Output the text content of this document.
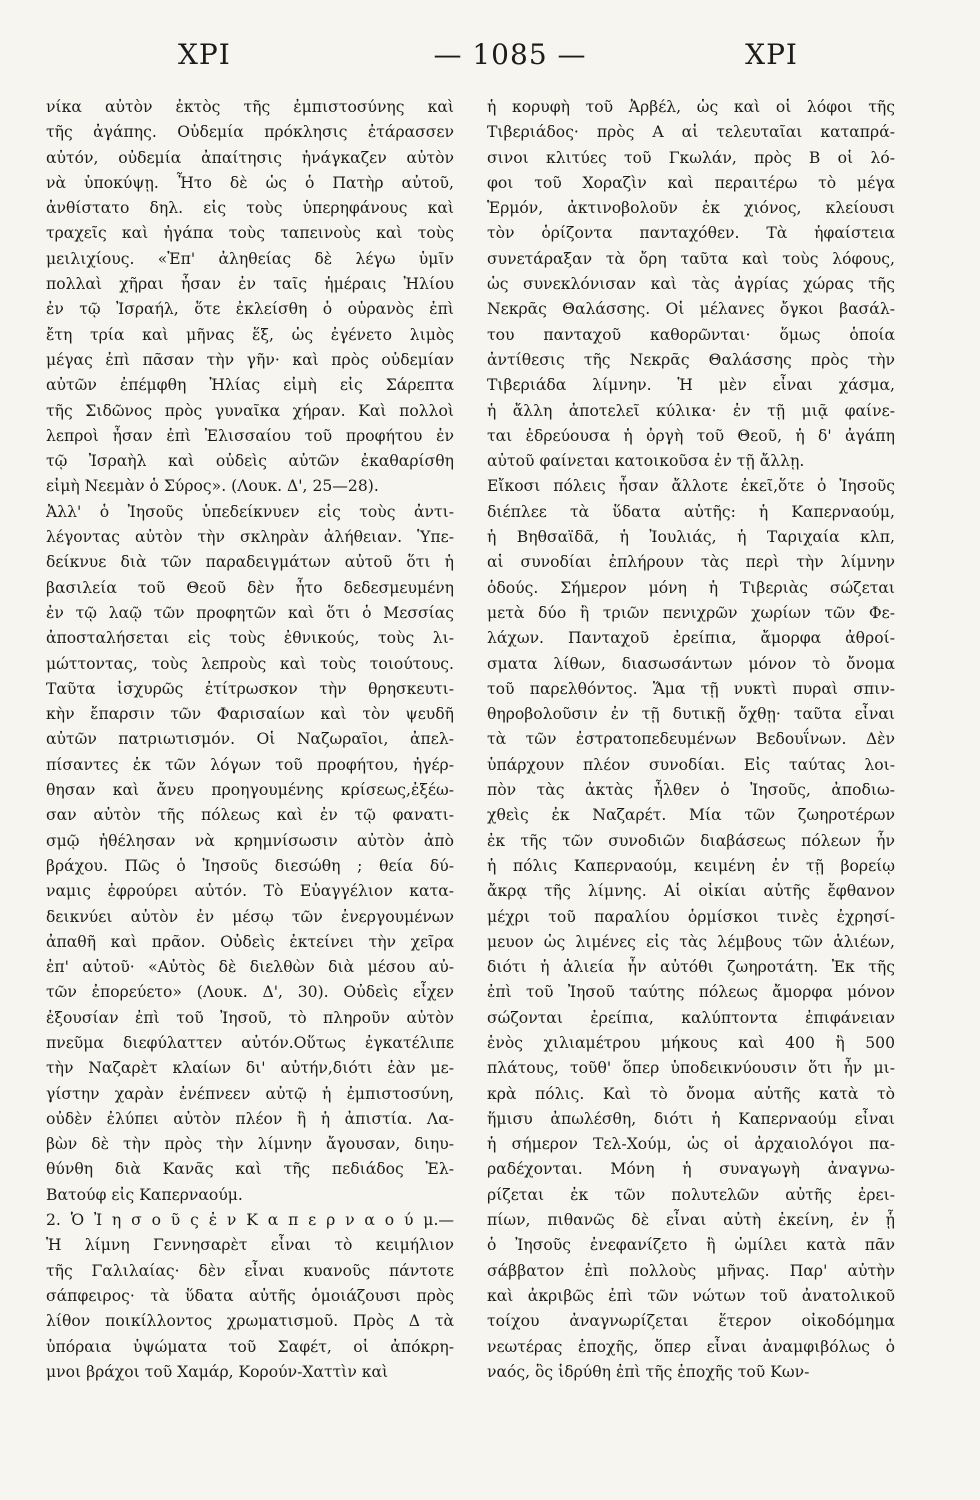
ΧΡΙ	— 1085 —	ΧΡΙ
νίκα αὐτὸν ἐκτὸς τῆς ἐμπιστοσύνης καὶ
τῆς ἀγάπης. Οὐδεμία πρόκλησις ἐτάρασσεν
αὐτόν, οὐδεμία ἀπαίτησις ἠνάγκαζεν αὐτὸν
νὰ ὑποκύψῃ. Ἦτο δὲ ὡς ὁ Πατὴρ αὐτοῦ,
ἀνθίστατο δηλ. εἰς τοὺς ὑπερηφάνους καὶ
τραχεῖς καὶ ἠγάπα τοὺς ταπεινοὺς καὶ τοὺς
μειλιχίους. «Ἐπ' ἀληθείας δὲ λέγω ὑμῖν
πολλαὶ χῆραι ἦσαν ἐν ταῖς ἡμέραις Ἠλίου
ἐν τῷ Ἰσραήλ, ὅτε ἐκλείσθη ὁ οὐρανὸς ἐπὶ
ἔτη τρία καὶ μῆνας ἕξ, ὡς ἐγένετο λιμὸς
μέγας ἐπὶ πᾶσαν τὴν γῆν· καὶ πρὸς οὐδεμίαν
αὐτῶν ἐπέμφθη Ἠλίας εἰμὴ εἰς Σάρεπτα
τῆς Σιδῶνος πρὸς γυναῖκα χήραν. Καὶ πολλοὶ
λεπροὶ ἦσαν ἐπὶ Ἐλισσαίου τοῦ προφήτου ἐν
τῷ Ἰσραὴλ καὶ οὐδεὶς αὐτῶν ἐκαθαρίσθη
εἰμὴ Νεεμὰν ὁ Σύρος». (Λουκ. Δ', 25—28).
Ἀλλ' ὁ Ἰησοῦς ὑπεδείκνυεν εἰς τοὺς ἀντι-
λέγοντας αὐτὸν τὴν σκληρὰν ἀλήθειαν. Ὑπε-
δείκνυε διὰ τῶν παραδειγμάτων αὐτοῦ ὅτι ἡ
βασιλεία τοῦ Θεοῦ δὲν ἦτο δεδεσμευμένη
ἐν τῷ λαῷ τῶν προφητῶν καὶ ὅτι ὁ Μεσσίας
ἀποσταλήσεται εἰς τοὺς ἐθνικούς, τοὺς λι-
μώττοντας, τοὺς λεπροὺς καὶ τοὺς τοιούτους.
Ταῦτα ἰσχυρῶς ἐτίτρωσκον τὴν θρησκευτι-
κὴν ἔπαρσιν τῶν Φαρισαίων καὶ τὸν ψευδῆ
αὐτῶν πατριωτισμόν. Οἱ Ναζωραῖοι, ἀπελ-
πίσαντες ἐκ τῶν λόγων τοῦ προφήτου, ἠγέρ-
θησαν καὶ ἄνευ προηγουμένης κρίσεως,ἐξέω-
σαν αὐτὸν τῆς πόλεως καὶ ἐν τῷ φανατι-
σμῷ ἠθέλησαν νὰ κρημνίσωσιν αὐτὸν ἀπὸ
βράχου. Πῶς ὁ Ἰησοῦς διεσώθη ; θεία δύ-
ναμις ἐφρούρει αὐτόν. Τὸ Εὐαγγέλιον κατα-
δεικνύει αὐτὸν ἐν μέσῳ τῶν ἐνεργουμένων
ἀπαθῆ καὶ πρᾶον. Οὐδεὶς ἐκτείνει τὴν χεῖρα
ἐπ' αὐτοῦ· «Αὐτὸς δὲ διελθὼν διὰ μέσου αὐ-
τῶν ἐπορεύετο» (Λουκ. Δ', 30). Οὐδεὶς εἶχεν
ἐξουσίαν ἐπὶ τοῦ Ἰησοῦ, τὸ πληροῦν αὐτὸν
πνεῦμα διεφύλαττεν αὐτόν.Οὕτως ἐγκατέλιπε
τὴν Ναζαρὲτ κλαίων δι' αὐτήν,διότι ἐὰν με-
γίστην χαρὰν ἐνέπνεεν αὐτῷ ἡ ἐμπιστοσύνη,
οὐδὲν ἐλύπει αὐτὸν πλέον ἢ ἡ ἀπιστία. Λα-
βὼν δὲ τὴν πρὸς τὴν λίμνην ἄγουσαν, διηυ-
θύνθη διὰ Κανᾶς καὶ τῆς πεδιάδος Ἐλ-
Βατούφ εἰς Καπερναούμ.
2. Ὁ Ἰ η σ ο ῦ ς ἐ ν Κ α π ε ρ ν α ο ύ μ.—
Ἡ λίμνη Γεννησαρὲτ εἶναι τὸ κειμήλιον
τῆς Γαλιλαίας· δὲν εἶναι κυανοῦς πάντοτε
σάπφειρος· τὰ ὕδατα αὐτῆς ὁμοιάζουσι πρὸς
λίθον ποικίλλοντος χρωματισμοῦ. Πρὸς Δ τὰ
ὑπόραια ὑψώματα τοῦ Σαφέτ, οἱ ἀπόκρη-
μνοι βράχοι τοῦ Χαμάρ, Κορούν-Χαττὶν καὶ
ἡ κορυφὴ τοῦ Ἀρβέλ, ὡς καὶ οἱ λόφοι τῆς
Τιβεριάδος· πρὸς Α αἱ τελευταῖαι καταπρά-
σινοι κλιτύες τοῦ Γκωλάν, πρὸς Β οἱ λό-
φοι τοῦ Χοραζὶν καὶ περαιτέρω τὸ μέγα
Ἑρμόν, ἀκτινοβολοῦν ἐκ χιόνος, κλείουσι
τὸν ὁρίζοντα πανταχόθεν. Τὰ ἡφαίστεια
συνετάραξαν τὰ ὄρη ταῦτα καὶ τοὺς λόφους,
ὡς συνεκλόνισαν καὶ τὰς ἀγρίας χώρας τῆς
Νεκρᾶς Θαλάσσης. Οἱ μέλανες ὄγκοι βασάλ-
του πανταχοῦ καθορῶνται· ὅμως ὁποία
ἀντίθεσις τῆς Νεκρᾶς Θαλάσσης πρὸς τὴν
Τιβεριάδα λίμνην. Ἡ μὲν εἶναι χάσμα,
ἡ ἄλλη ἀποτελεῖ κύλικα· ἐν τῇ μιᾷ φαίνε-
ται ἑδρεύουσα ἡ ὀργὴ τοῦ Θεοῦ, ἡ δ' ἀγάπη
αὐτοῦ φαίνεται κατοικοῦσα ἐν τῇ ἄλλῃ.
Εἴκοσι πόλεις ἦσαν ἄλλοτε ἐκεῖ,ὅτε ὁ Ἰησοῦς
διέπλεε τὰ ὕδατα αὐτῆς: ἡ Καπερναούμ,
ἡ Βηθσαϊδᾶ, ἡ Ἰουλιάς, ἡ Ταριχαία κλπ,
αἱ συνοδίαι ἐπλήρουν τὰς περὶ τὴν λίμνην
ὁδούς. Σήμερον μόνη ἡ Τιβεριὰς σώζεται
μετὰ δύο ἢ τριῶν πενιχρῶν χωρίων τῶν Φε-
λάχων. Πανταχοῦ ἐρείπια, ἄμορφα ἀθροί-
σματα λίθων, διασωσάντων μόνον τὸ ὄνομα
τοῦ παρελθόντος. Ἅμα τῇ νυκτὶ πυραὶ σπιν-
θηροβολοῦσιν ἐν τῇ δυτικῇ ὄχθῃ· ταῦτα εἶναι
τὰ τῶν ἐστρατοπεδευμένων Βεδουΐνων. Δὲν
ὑπάρχουν πλέον συνοδίαι. Εἰς ταύτας λοι-
πὸν τὰς ἀκτὰς ἦλθεν ὁ Ἰησοῦς, ἀποδιω-
χθεὶς ἐκ Ναζαρέτ. Μία τῶν ζωηροτέρων
ἐκ τῆς τῶν συνοδιῶν διαβάσεως πόλεων ἦν
ἡ πόλις Καπερναούμ, κειμένη ἐν τῇ βορείῳ
ἄκρᾳ τῆς λίμνης. Αἱ οἰκίαι αὐτῆς ἔφθανον
μέχρι τοῦ παραλίου ὁρμίσκοι τινὲς ἐχρησί-
μευον ὡς λιμένες εἰς τὰς λέμβους τῶν ἁλιέων,
διότι ἡ ἁλιεία ἦν αὐτόθι ζωηροτάτη. Ἐκ τῆς
ἐπὶ τοῦ Ἰησοῦ ταύτης πόλεως ἄμορφα μόνον
σώζονται ἐρείπια, καλύπτοντα ἐπιφάνειαν
ἑνὸς χιλιαμέτρου μήκους καὶ 400 ἢ 500
πλάτους, τοῦθ' ὅπερ ὑποδεικνύουσιν ὅτι ἦν μι-
κρὰ πόλις. Καὶ τὸ ὄνομα αὐτῆς κατὰ τὸ
ἥμισυ ἀπωλέσθη, διότι ἡ Καπερναούμ εἶναι
ἡ σήμερον Τελ-Χούμ, ὡς οἱ ἀρχαιολόγοι πα-
ραδέχονται. Μόνη ἡ συναγωγὴ ἀναγνω-
ρίζεται ἐκ τῶν πολυτελῶν αὐτῆς ἐρει-
πίων, πιθανῶς δὲ εἶναι αὐτὴ ἐκείνη, ἐν ᾗ
ὁ Ἰησοῦς ἐνεφανίζετο ἢ ὡμίλει κατὰ πᾶν
σάββατον ἐπὶ πολλοὺς μῆνας. Παρ' αὐτὴν
καὶ ἀκριβῶς ἐπὶ τῶν νώτων τοῦ ἀνατολικοῦ
τοίχου ἀναγνωρίζεται ἕτερον οἰκοδόμημα
νεωτέρας ἐποχῆς, ὅπερ εἶναι ἀναμφιβόλως ὁ
ναός, ὃς ἱδρύθη ἐπὶ τῆς ἐποχῆς τοῦ Κων-
